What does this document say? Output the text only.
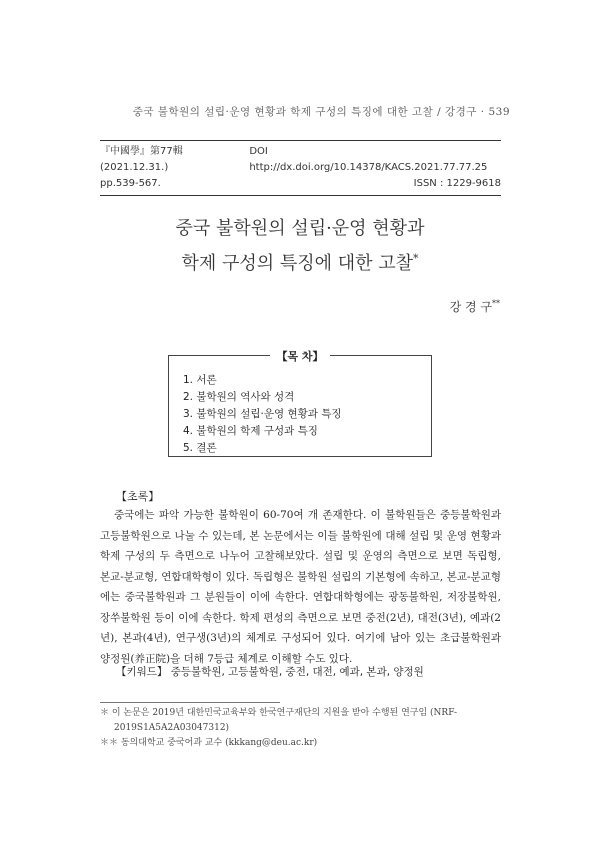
중국 불학원의 설립·운영 현황과 학제 구성의 특징에 대한 고찰 / 강경구 · 539
『中國學』第77輯 (2021.12.31.)
DOI http://dx.doi.org/10.14378/KACS.2021.77.77.25
pp.539-567.	ISSN : 1229-9618
중국 불학원의 설립·운영 현황과
학제 구성의 특징에 대한 고찰*
강 경 구**
【목 차】
1. 서론
2. 불학원의 역사와 성격
3. 불학원의 설립·운영 현황과 특징
4. 불학원의 학제 구성과 특징
5. 결론
【초록】

중국에는 파악 가능한 불학원이 60-70여 개 존재한다. 이 불학원들은 중등불학원과 고등불학원으로 나눌 수 있는데, 본 논문에서는 이들 불학원에 대해 설립 및 운영 현황과 학제 구성의 두 측면으로 나누어 고찰해보았다. 설립 및 운영의 측면으로 보면 독립형, 본교-분교형, 연합대학형이 있다. 독립형은 불학원 설립의 기본형에 속하고, 본교-분교형에는 중국불학원과 그 분원들이 이에 속한다. 연합대학형에는 광동불학원, 저장불학원, 장쑤불학원 등이 이에 속한다. 학제 편성의 측면으로 보면 중전(2년), 대전(3년), 예과(2년), 본과(4년), 연구생(3년)의 체계로 구성되어 있다. 여기에 남아 있는 초급불학원과 양정원(养正院)을 더해 7등급 체계로 이해할 수도 있다.

【키워드】 중등불학원, 고등불학원, 중전, 대전, 예과, 본과, 양정원
＊ 이 논문은 2019년 대한민국교육부와 한국연구재단의 지원을 받아 수행된 연구임 (NRF-2019S1A5A2A03047312)
＊＊ 동의대학교 중국어과 교수 (kkkang@deu.ac.kr)
